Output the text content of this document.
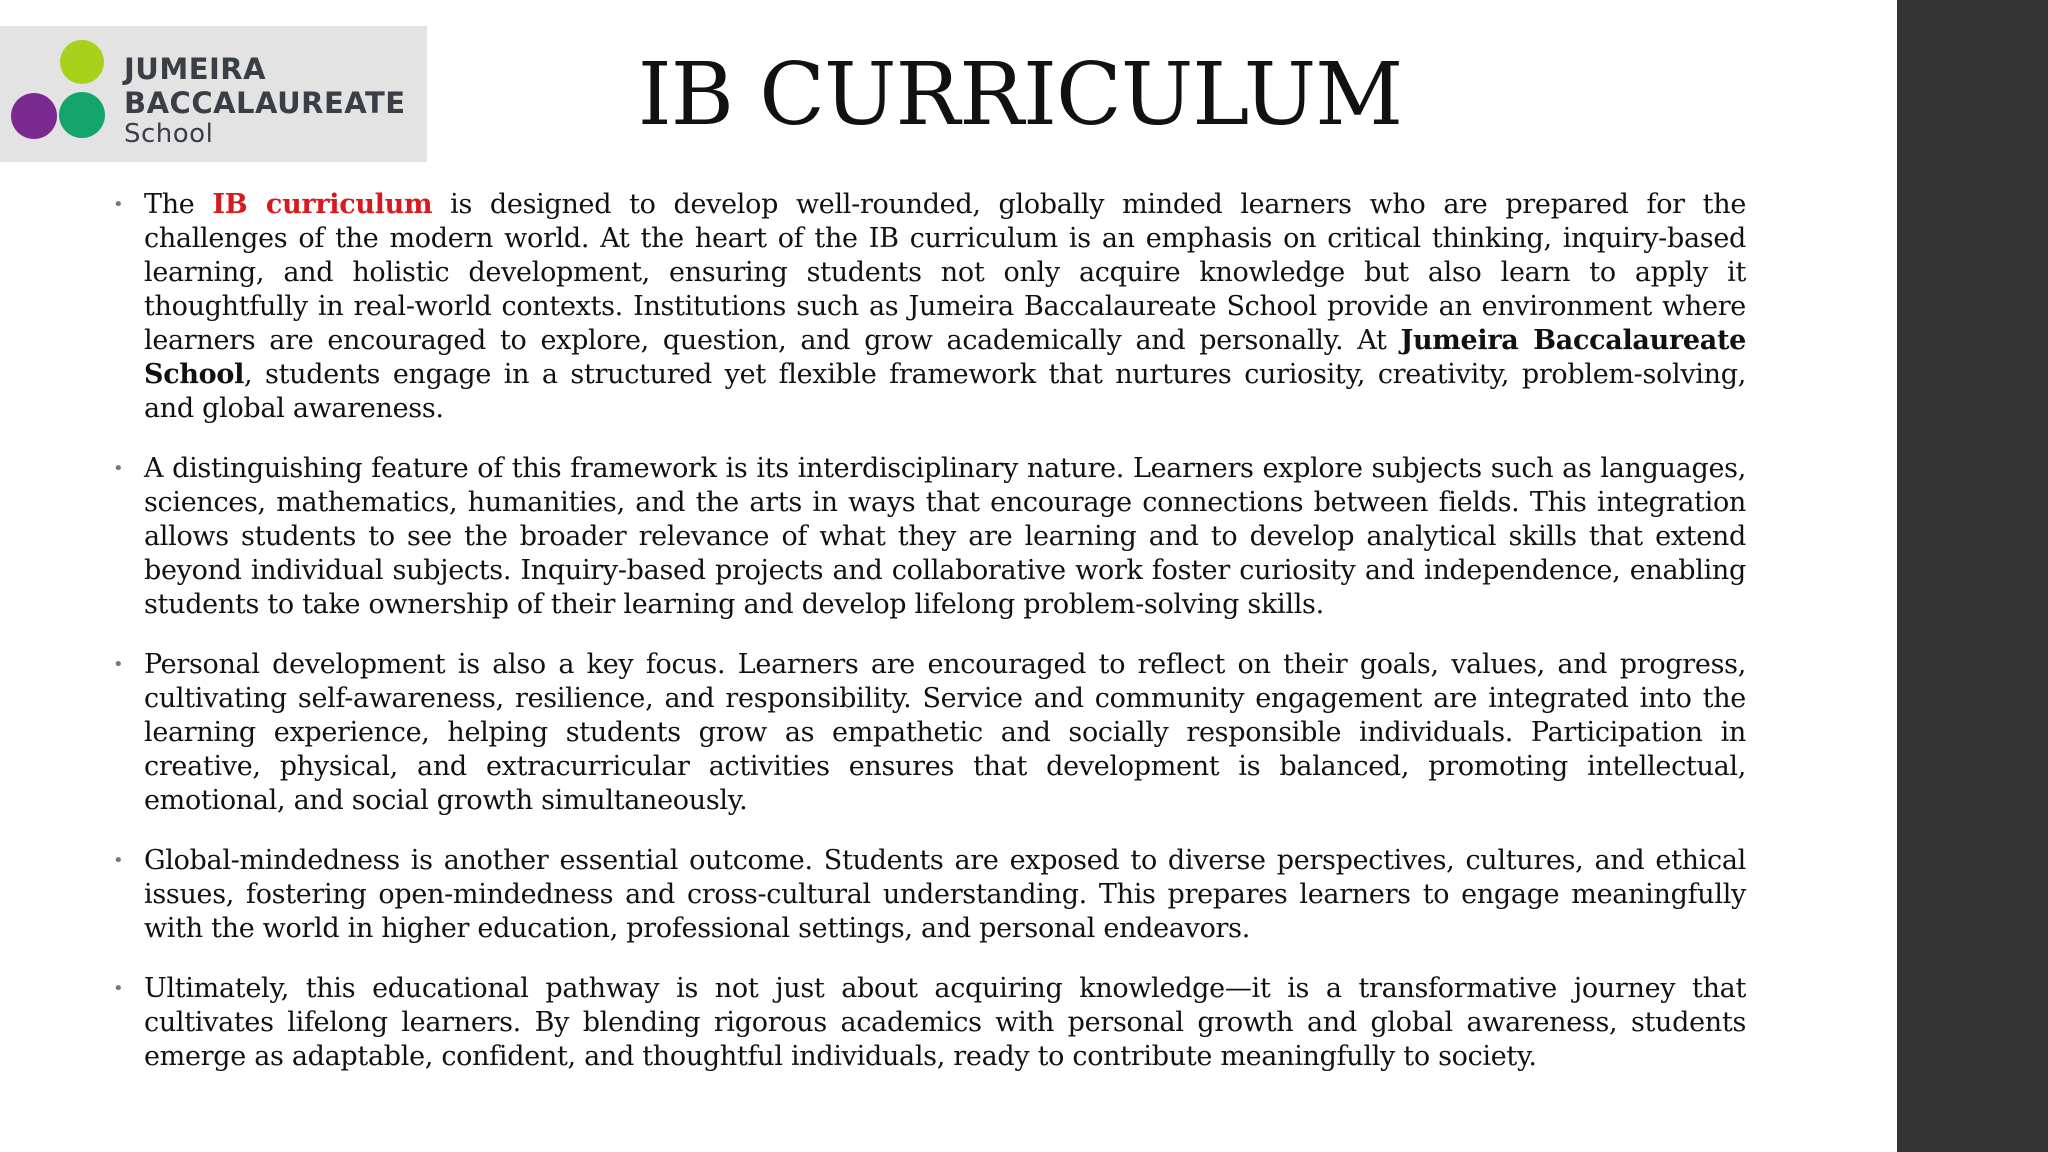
JUMEIRA
BACCALAUREATE
School	IB CURRICULUM

• The IB curriculum is designed to develop well-rounded, globally minded learners who are prepared for the challenges of the modern world. At the heart of the IB curriculum is an emphasis on critical thinking, inquiry-based learning, and holistic development, ensuring students not only acquire knowledge but also learn to apply it thoughtfully in real-world contexts. Institutions such as Jumeira Baccalaureate School provide an environment where learners are encouraged to explore, question, and grow academically and personally. At Jumeira Baccalaureate School, students engage in a structured yet flexible framework that nurtures curiosity, creativity, problem-solving, and global awareness.

• A distinguishing feature of this framework is its interdisciplinary nature. Learners explore subjects such as languages, sciences, mathematics, humanities, and the arts in ways that encourage connections between fields. This integration allows students to see the broader relevance of what they are learning and to develop analytical skills that extend beyond individual subjects. Inquiry-based projects and collaborative work foster curiosity and independence, enabling students to take ownership of their learning and develop lifelong problem-solving skills.

• Personal development is also a key focus. Learners are encouraged to reflect on their goals, values, and progress, cultivating self-awareness, resilience, and responsibility. Service and community engagement are integrated into the learning experience, helping students grow as empathetic and socially responsible individuals. Participation in creative, physical, and extracurricular activities ensures that development is balanced, promoting intellectual, emotional, and social growth simultaneously.

• Global-mindedness is another essential outcome. Students are exposed to diverse perspectives, cultures, and ethical issues, fostering open-mindedness and cross-cultural understanding. This prepares learners to engage meaningfully with the world in higher education, professional settings, and personal endeavors.

• Ultimately, this educational pathway is not just about acquiring knowledge—it is a transformative journey that cultivates lifelong learners. By blending rigorous academics with personal growth and global awareness, students emerge as adaptable, confident, and thoughtful individuals, ready to contribute meaningfully to society.
